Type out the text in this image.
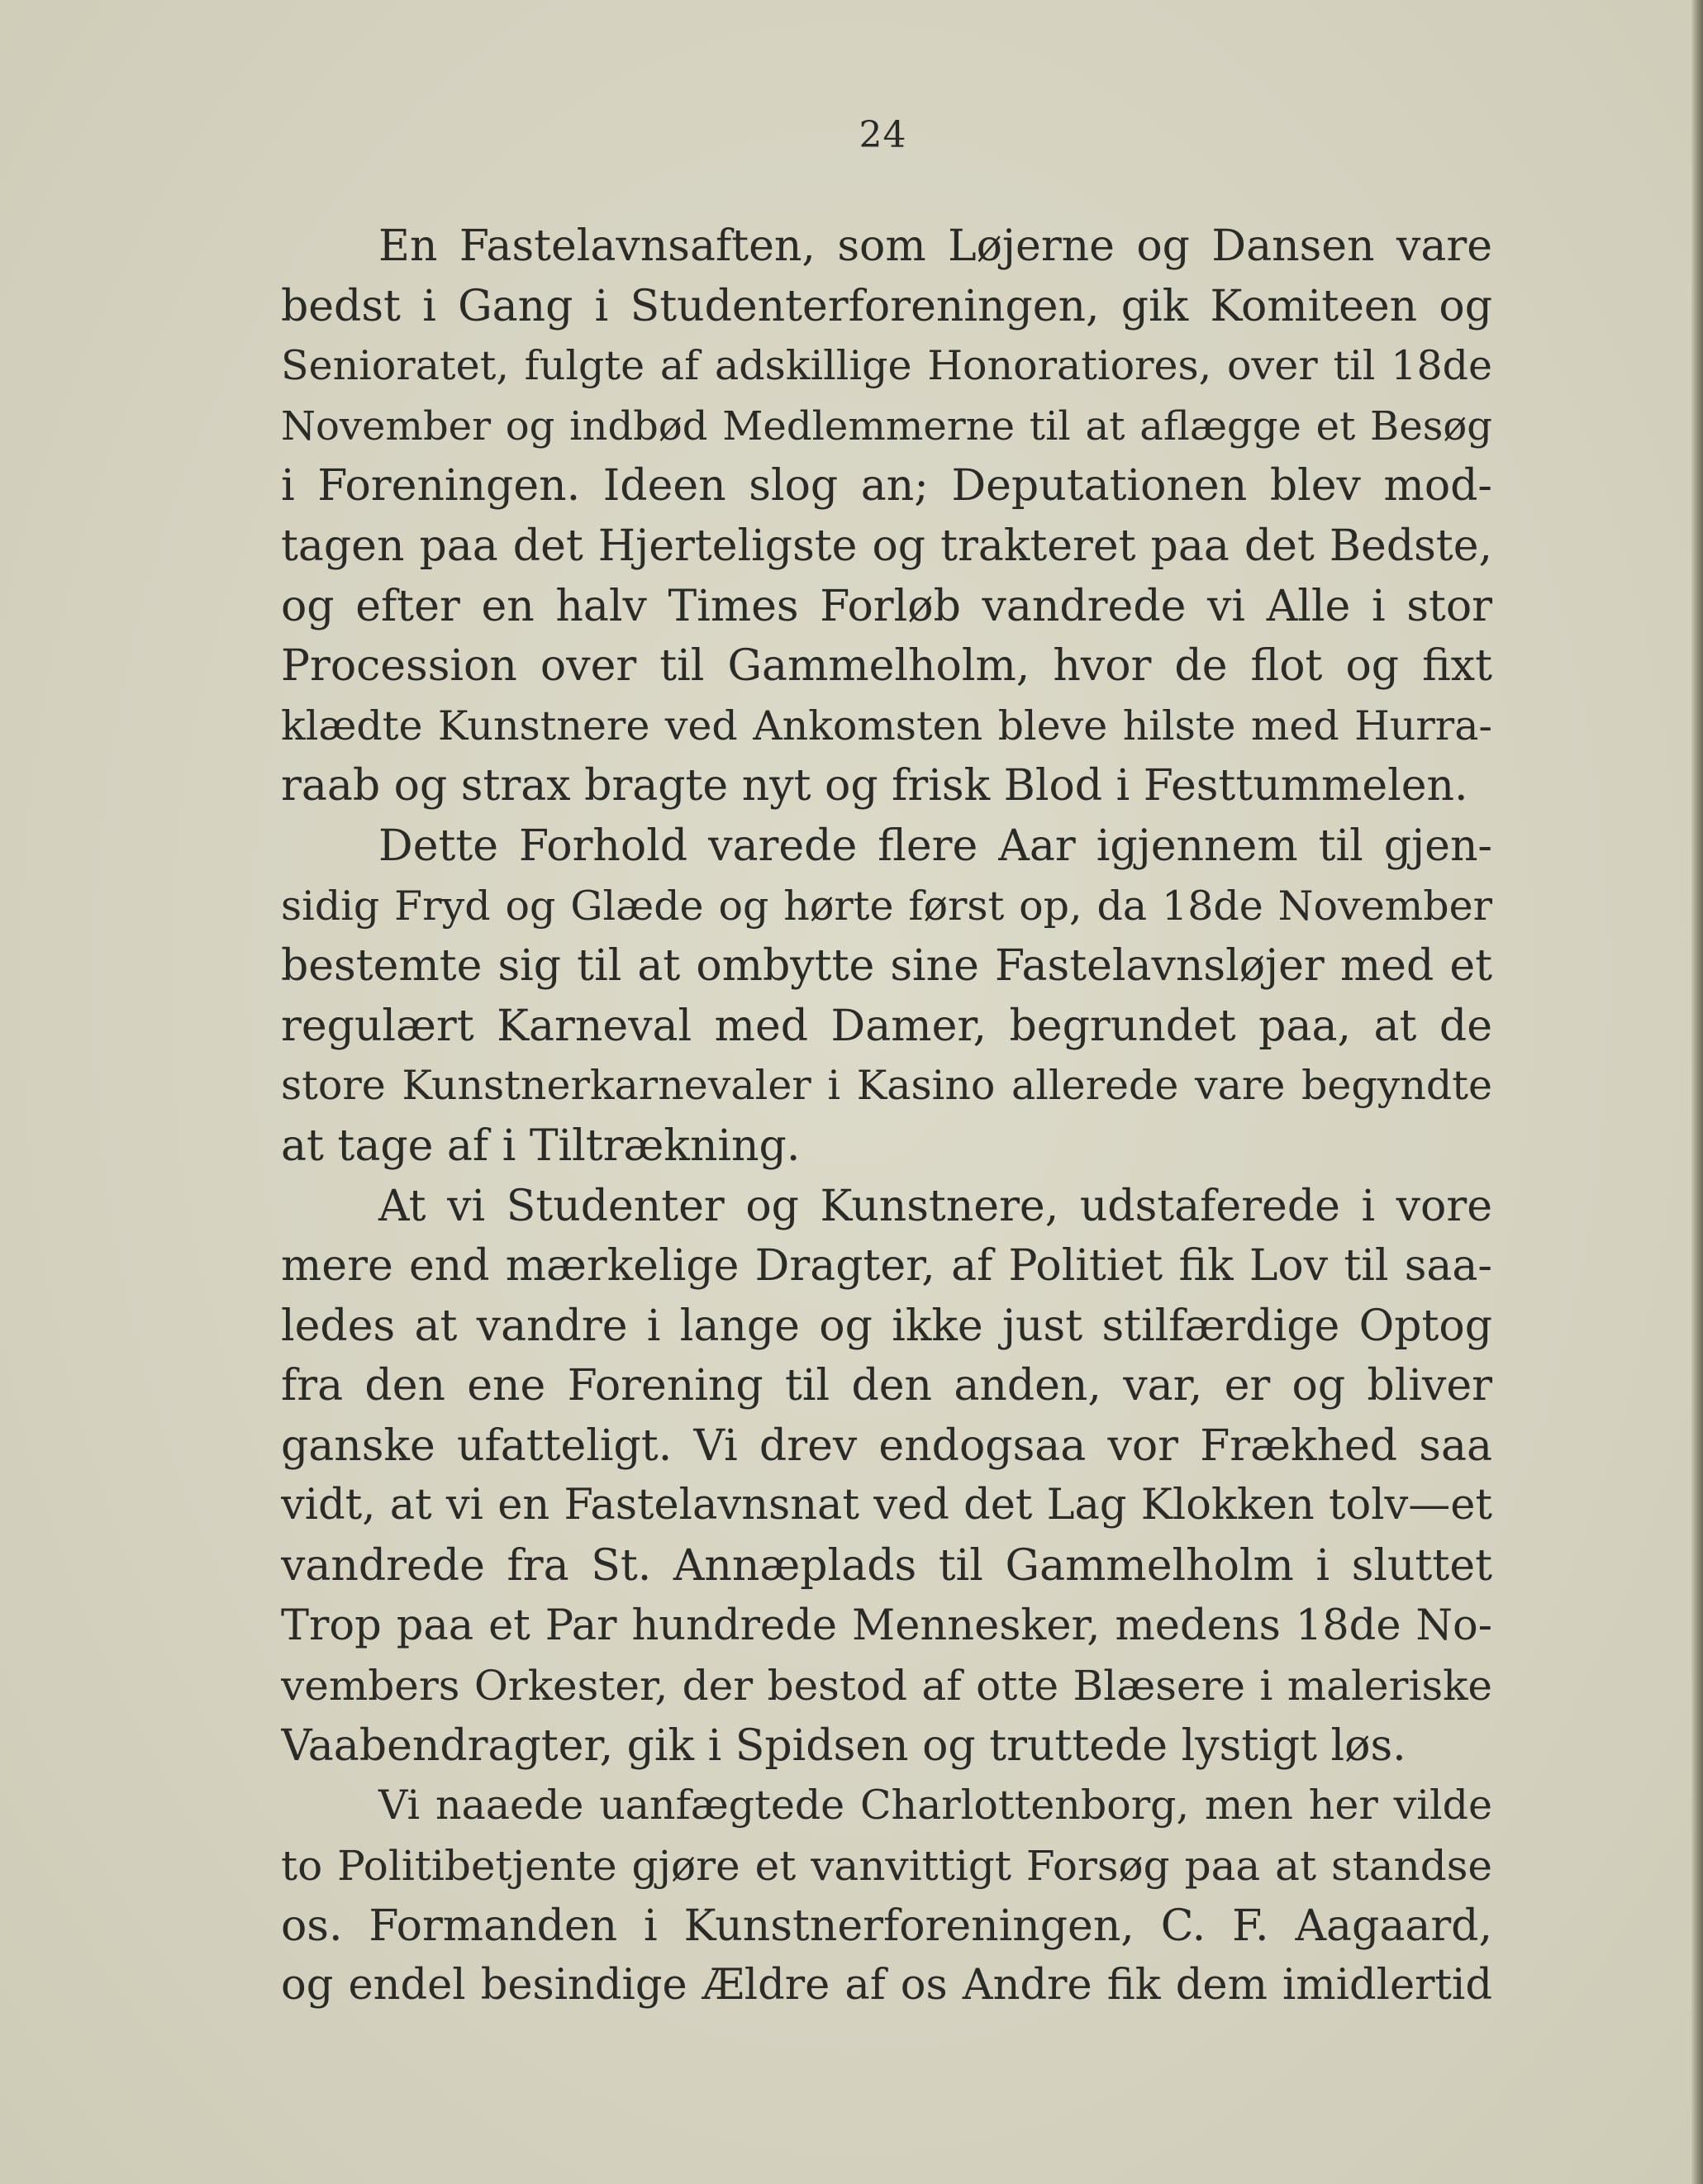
24
En Fastelavnsaften, som Løjerne og Dansen vare
bedst i Gang i Studenterforeningen, gik Komiteen og
Senioratet, fulgte af adskillige Honoratiores, over til 18de
November og indbød Medlemmerne til at aflægge et Besøg
i Foreningen. Ideen slog an; Deputationen blev mod-
tagen paa det Hjerteligste og trakteret paa det Bedste,
og efter en halv Times Forløb vandrede vi Alle i stor
Procession over til Gammelholm, hvor de flot og fixt
klædte Kunstnere ved Ankomsten bleve hilste med Hurra-
raab og strax bragte nyt og frisk Blod i Festtummelen.
Dette Forhold varede flere Aar igjennem til gjen-
sidig Fryd og Glæde og hørte først op, da 18de November
bestemte sig til at ombytte sine Fastelavnsløjer med et
regulært Karneval med Damer, begrundet paa, at de
store Kunstnerkarnevaler i Kasino allerede vare begyndte
at tage af i Tiltrækning.
At vi Studenter og Kunstnere, udstaferede i vore
mere end mærkelige Dragter, af Politiet fik Lov til saa-
ledes at vandre i lange og ikke just stilfærdige Optog
fra den ene Forening til den anden, var, er og bliver
ganske ufatteligt. Vi drev endogsaa vor Frækhed saa
vidt, at vi en Fastelavnsnat ved det Lag Klokken tolv—et
vandrede fra St. Annæplads til Gammelholm i sluttet
Trop paa et Par hundrede Mennesker, medens 18de No-
vembers Orkester, der bestod af otte Blæsere i maleriske
Vaabendragter, gik i Spidsen og truttede lystigt løs.
Vi naaede uanfægtede Charlottenborg, men her vilde
to Politibetjente gjøre et vanvittigt Forsøg paa at standse
os. Formanden i Kunstnerforeningen, C. F. Aagaard,
og endel besindige Ældre af os Andre fik dem imidlertid
